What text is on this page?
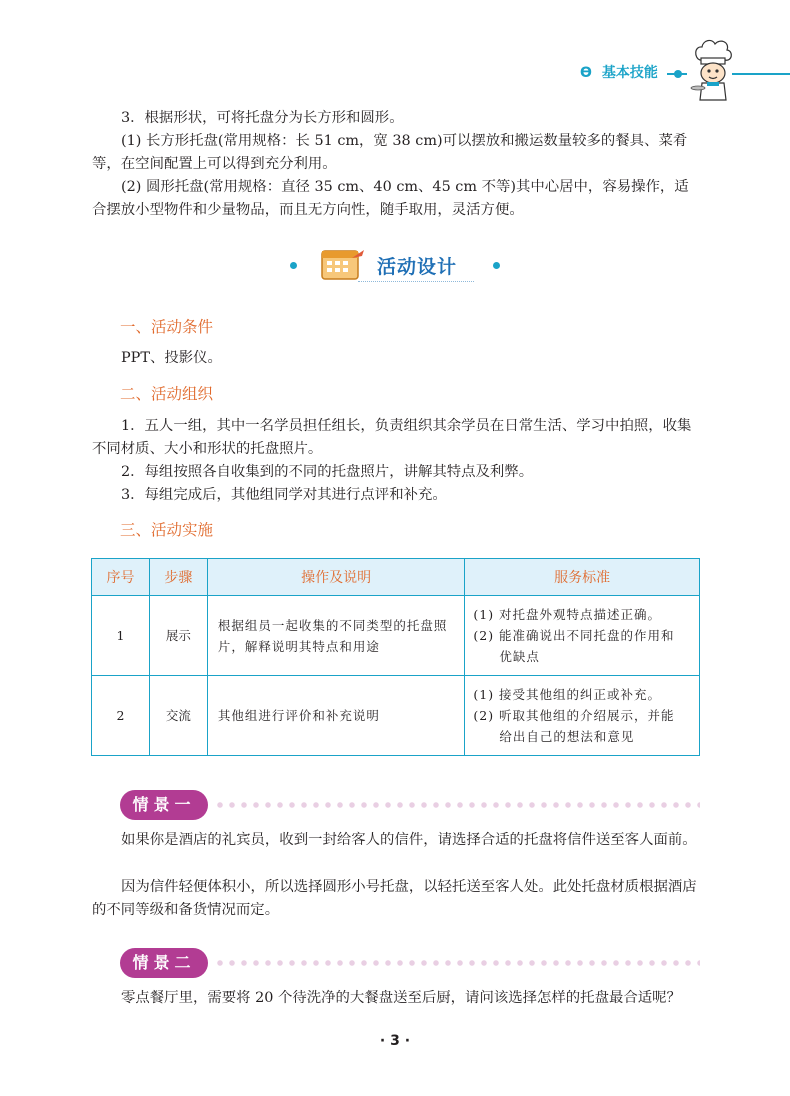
ϴ 基本技能
3．根据形状，可将托盘分为长方形和圆形。
(1) 长方形托盘(常用规格：长 51 cm，宽 38 cm)可以摆放和搬运数量较多的餐具、菜肴等，在空间配置上可以得到充分利用。
(2) 圆形托盘(常用规格：直径 35 cm、40 cm、45 cm 不等)其中心居中，容易操作，适合摆放小型物件和少量物品，而且无方向性，随手取用，灵活方便。
活动设计
一、活动条件
PPT、投影仪。
二、活动组织
1．五人一组，其中一名学员担任组长，负责组织其余学员在日常生活、学习中拍照，收集不同材质、大小和形状的托盘照片。
2．每组按照各自收集到的不同的托盘照片，讲解其特点及利弊。
3．每组完成后，其他组同学对其进行点评和补充。
三、活动实施
序号	步骤	操作及说明	服务标准
1	展示	根据组员一起收集的不同类型的托盘照片，解释说明其特点和用途	(1) 对托盘外观特点描述正确。
(2) 能准确说出不同托盘的作用和
优缺点

2	交流	其他组进行评价和补充说明	(1) 接受其他组的纠正或补充。
(2) 听取其他组的介绍展示，并能
给出自己的想法和意见
情景一
如果你是酒店的礼宾员，收到一封给客人的信件，请选择合适的托盘将信件送至客人面前。
因为信件轻便体积小，所以选择圆形小号托盘，以轻托送至客人处。此处托盘材质根据酒店的不同等级和备货情况而定。
情景二
零点餐厅里，需要将 20 个待洗净的大餐盘送至后厨，请问该选择怎样的托盘最合适呢？
· 3 ·
